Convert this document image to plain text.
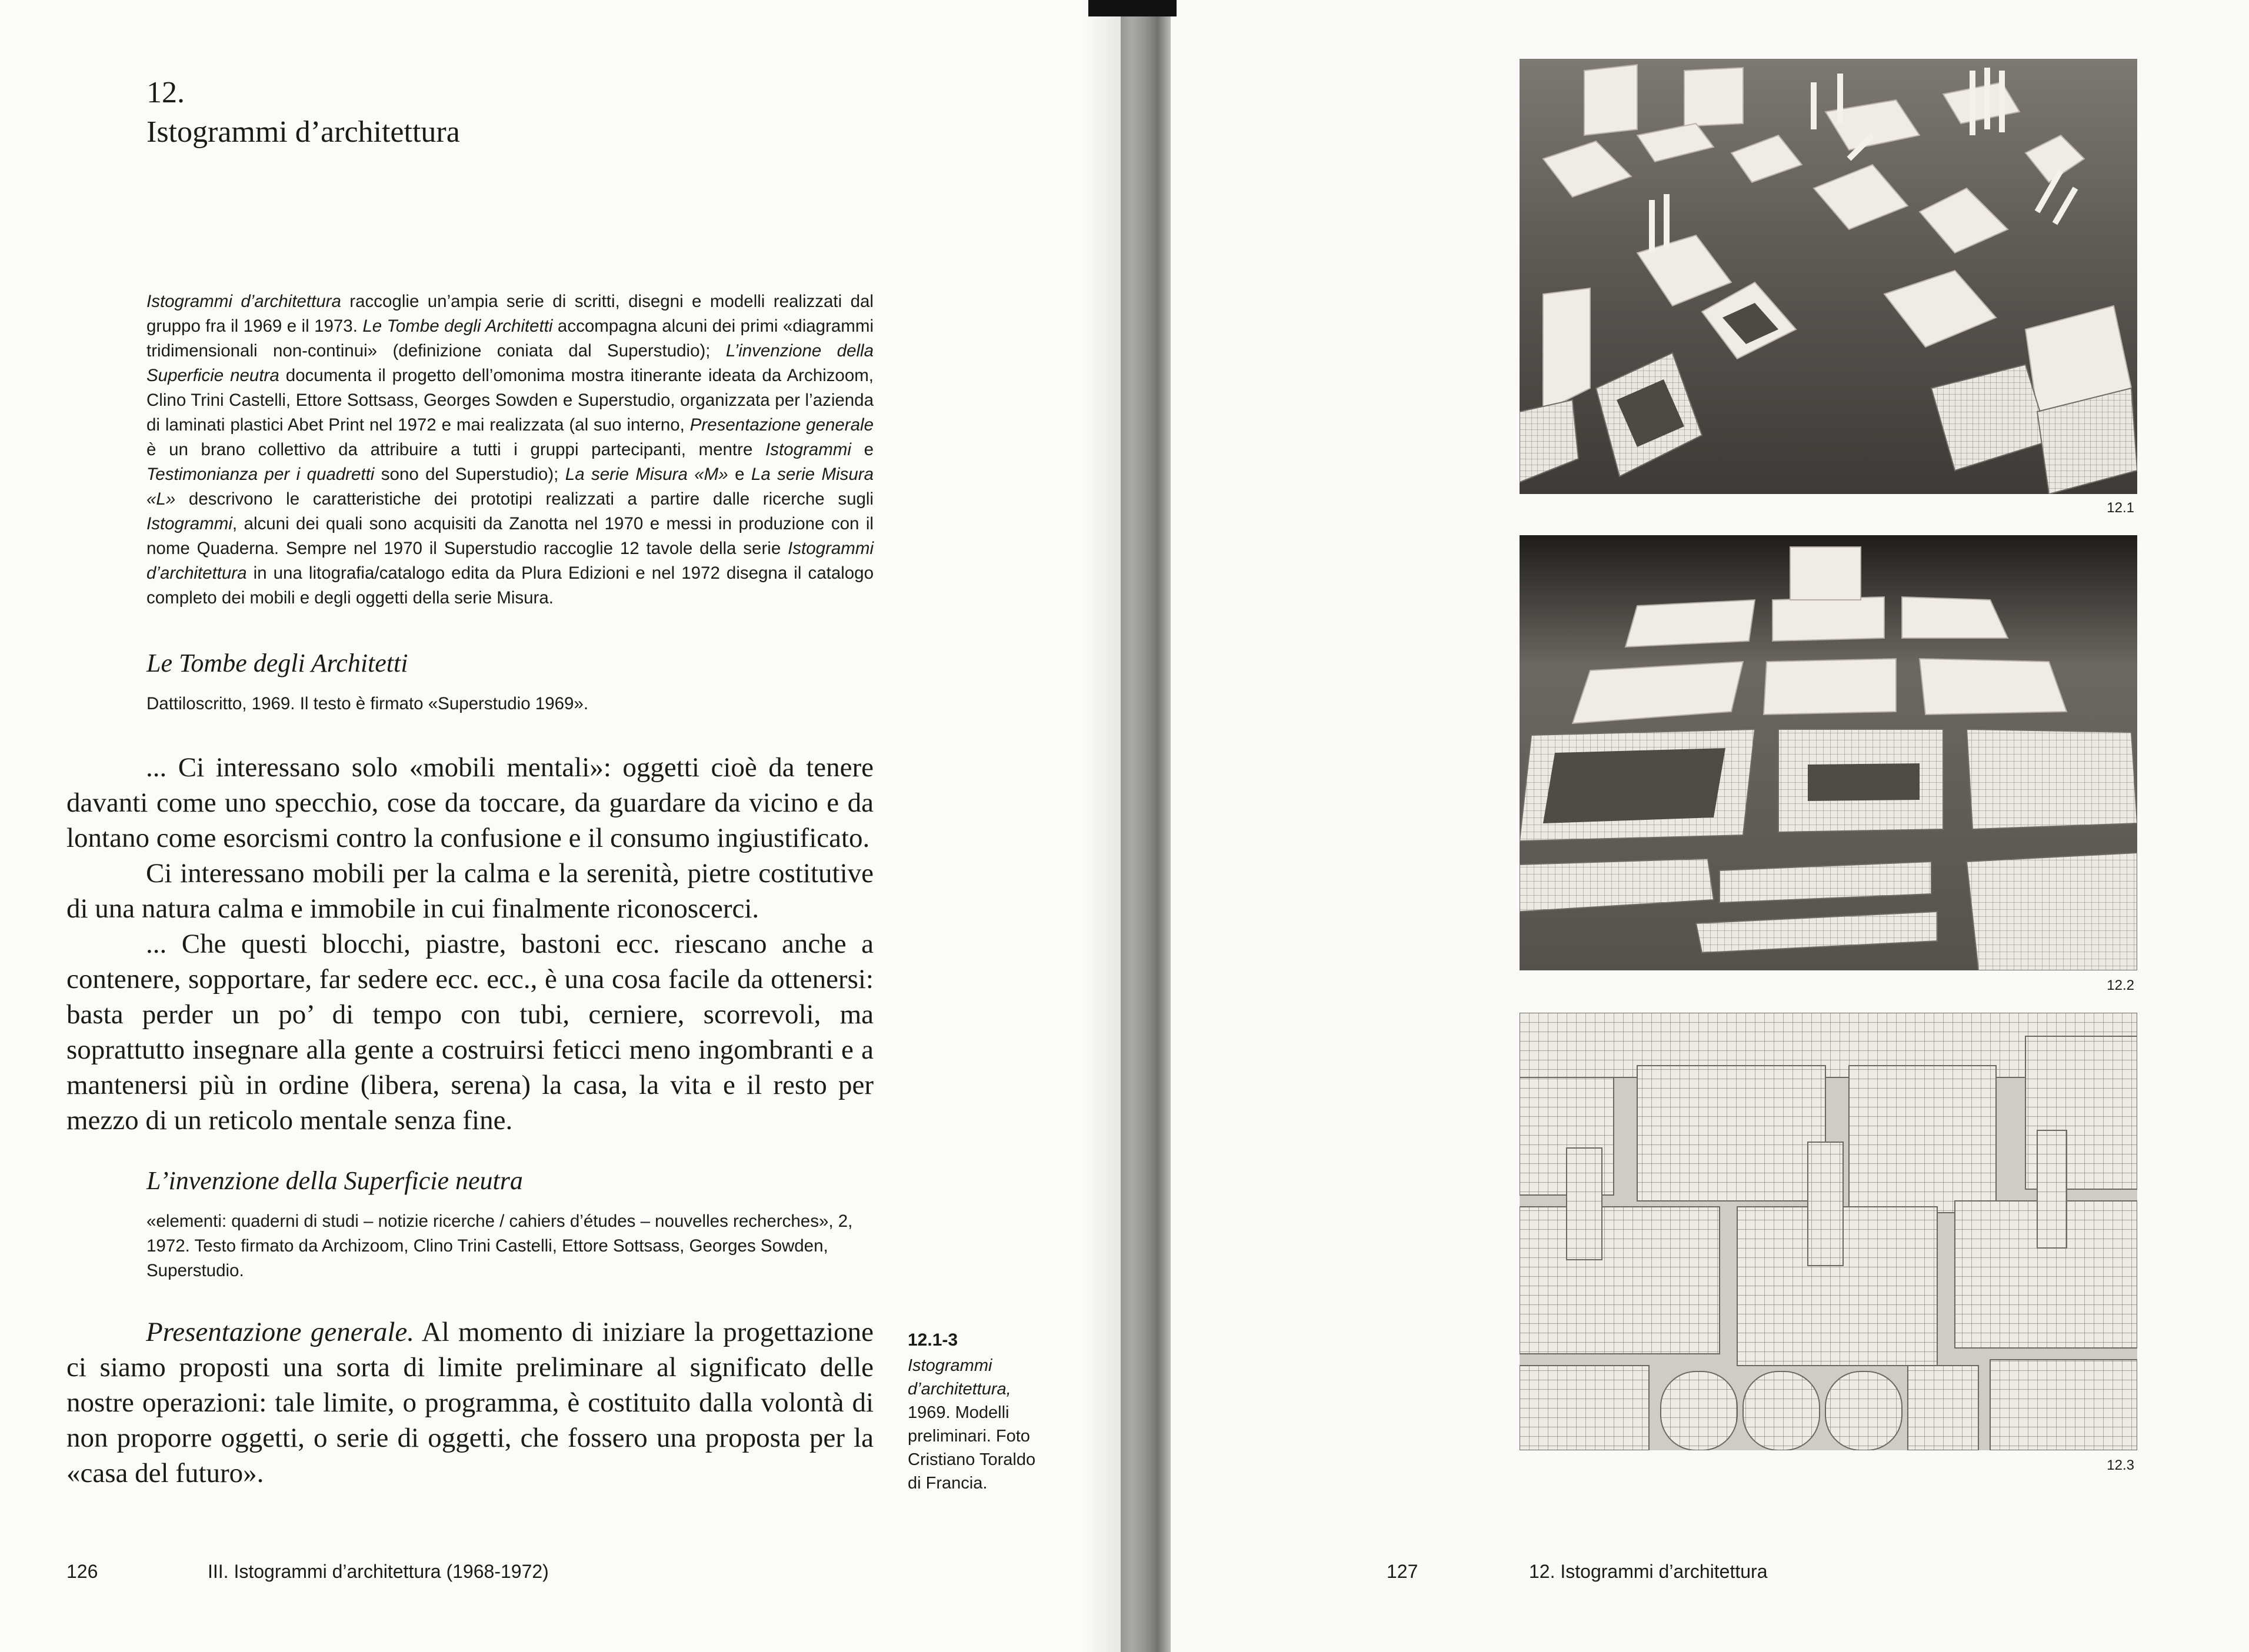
12.
Istogrammi d’architettura

Istogrammi d’architettura raccoglie un’ampia serie di scritti, disegni e modelli realizzati dal gruppo fra il 1969 e il 1973. Le Tombe degli Architetti accompagna alcuni dei primi «diagrammi tridimensionali non-continui» (definizione coniata dal Superstudio); L’invenzione della Superficie neutra documenta il progetto dell’omonima mostra itinerante ideata da Archizoom, Clino Trini Castelli, Ettore Sottsass, Georges Sowden e Superstudio, organizzata per l’azienda di laminati plastici Abet Print nel 1972 e mai realizzata (al suo interno, Presentazione generale è un brano collettivo da attribuire a tutti i gruppi partecipanti, mentre Istogrammi e Testimonianza per i quadretti sono del Superstudio); La serie Misura «M» e La serie Misura «L» descrivono le caratteristiche dei prototipi realizzati a partire dalle ricerche sugli Istogrammi, alcuni dei quali sono acquisiti da Zanotta nel 1970 e messi in produzione con il nome Quaderna. Sempre nel 1970 il Superstudio raccoglie 12 tavole della serie Istogrammi d’architettura in una litografia/catalogo edita da Plura Edizioni e nel 1972 disegna il catalogo completo dei mobili e degli oggetti della serie Misura.

Le Tombe degli Architetti
Dattiloscritto, 1969. Il testo è firmato «Superstudio 1969».

... Ci interessano solo «mobili mentali»: oggetti cioè da tenere davanti come uno specchio, cose da toccare, da guardare da vicino e da lontano come esorcismi contro la confusione e il consumo ingiustificato.

Ci interessano mobili per la calma e la serenità, pietre costitutive di una natura calma e immobile in cui finalmente riconoscerci.

... Che questi blocchi, piastre, bastoni ecc. riescano anche a contenere, sopportare, far sedere ecc. ecc., è una cosa facile da ottenersi: basta perder un po’ di tempo con tubi, cerniere, scorrevoli, ma soprattutto insegnare alla gente a costruirsi feticci meno ingombranti e a mantenersi più in ordine (libera, serena) la casa, la vita e il resto per mezzo di un reticolo mentale senza fine.

L’invenzione della Superficie neutra
«elementi: quaderni di studi – notizie ricerche / cahiers d’études – nouvelles recherches», 2, 1972. Testo firmato da Archizoom, Clino Trini Castelli, Ettore Sottsass, Georges Sowden, Superstudio.

Presentazione generale. Al momento di iniziare la progettazione ci siamo proposti una sorta di limite preliminare al significato delle nostre operazioni: tale limite, o programma, è costituito dalla volontà di non proporre oggetti, o serie di oggetti, che fossero una proposta per la «casa del futuro».

12.1-3
Istogrammi d’architettura, 1969. Modelli preliminari. Foto Cristiano Toraldo di Francia.
126	III. Istogrammi d’architettura (1968-1972)
12.1
12.2
12.3
127	12. Istogrammi d’architettura
